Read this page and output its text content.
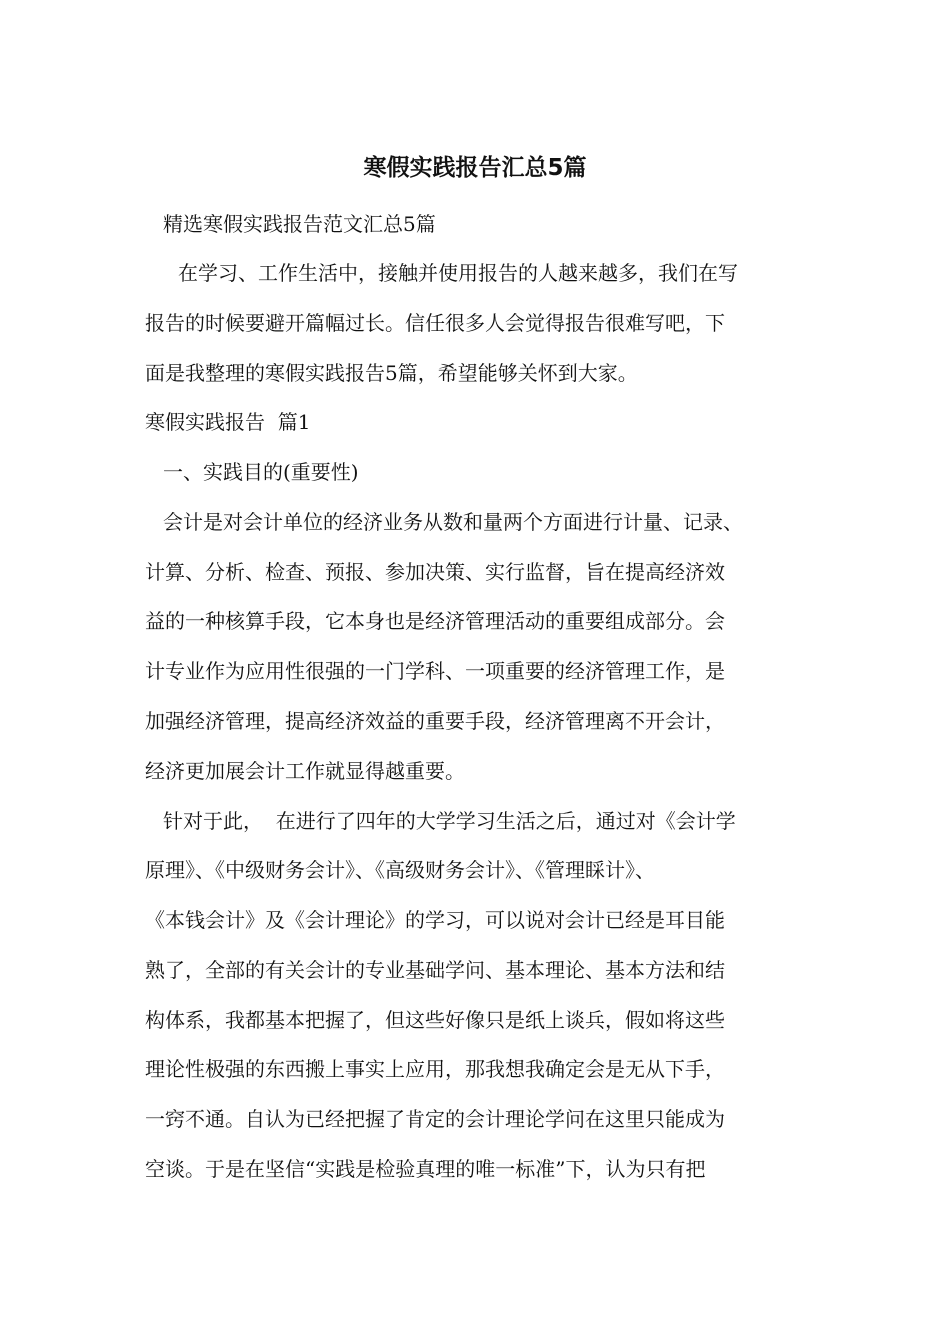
寒假实践报告汇总5篇

精选寒假实践报告范文汇总5篇

在学习、工作生活中，接触并使用报告的人越来越多，我们在写

报告的时候要避开篇幅过长。信任很多人会觉得报告很难写吧，下

面是我整理的寒假实践报告5篇，希望能够关怀到大家。

寒假实践报告  篇1

一、实践目的(重要性)

会计是对会计单位的经济业务从数和量两个方面进行计量、记录、

计算、分析、检查、预报、参加决策、实行监督，旨在提高经济效

益的一种核算手段，它本身也是经济管理活动的重要组成部分。会

计专业作为应用性很强的一门学科、一项重要的经济管理工作，是

加强经济管理，提高经济效益的重要手段，经济管理离不开会计，

经济更加展会计工作就显得越重要。

针对于此，  在进行了四年的大学学习生活之后，通过对《会计学

原理》、《中级财务会计》、《高级财务会计》、《管理睬计》、

《本钱会计》及《会计理论》的学习，可以说对会计已经是耳目能

熟了，全部的有关会计的专业基础学问、基本理论、基本方法和结

构体系，我都基本把握了，但这些好像只是纸上谈兵，假如将这些

理论性极强的东西搬上事实上应用，那我想我确定会是无从下手，

一窍不通。自认为已经把握了肯定的会计理论学问在这里只能成为

空谈。于是在坚信“实践是检验真理的唯一标准”下，认为只有把
